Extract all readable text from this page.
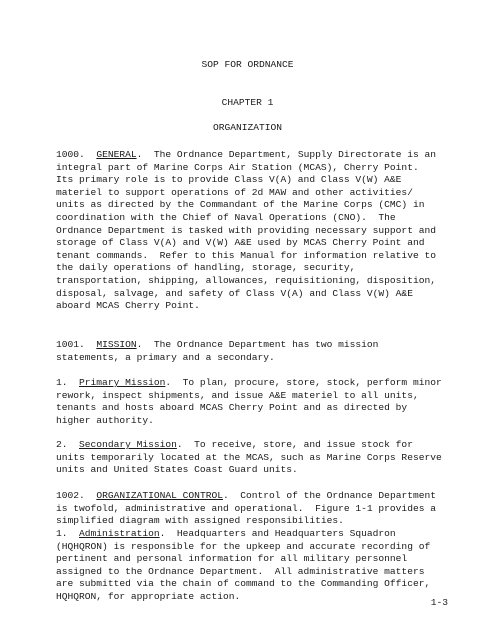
SOP FOR ORDNANCE
CHAPTER 1
ORGANIZATION
1000.  GENERAL.  The Ordnance Department, Supply Directorate is an
integral part of Marine Corps Air Station (MCAS), Cherry Point.
Its primary role is to provide Class V(A) and Class V(W) A&E
materiel to support operations of 2d MAW and other activities/
units as directed by the Commandant of the Marine Corps (CMC) in
coordination with the Chief of Naval Operations (CNO).  The
Ordnance Department is tasked with providing necessary support and
storage of Class V(A) and V(W) A&E used by MCAS Cherry Point and
tenant commands.  Refer to this Manual for information relative to
the daily operations of handling, storage, security,
transportation, shipping, allowances, requisitioning, disposition,
disposal, salvage, and safety of Class V(A) and Class V(W) A&E
aboard MCAS Cherry Point.
1001.  MISSION.  The Ordnance Department has two mission
statements, a primary and a secondary.
1.  Primary Mission.  To plan, procure, store, stock, perform minor
rework, inspect shipments, and issue A&E materiel to all units,
tenants and hosts aboard MCAS Cherry Point and as directed by
higher authority.
2.  Secondary Mission.  To receive, store, and issue stock for
units temporarily located at the MCAS, such as Marine Corps Reserve
units and United States Coast Guard units.
1002.  ORGANIZATIONAL CONTROL.  Control of the Ordnance Department
is twofold, administrative and operational.  Figure 1-1 provides a
simplified diagram with assigned responsibilities.
1.  Administration.  Headquarters and Headquarters Squadron
(HQHQRON) is responsible for the upkeep and accurate recording of
pertinent and personal information for all military personnel
assigned to the Ordnance Department.  All administrative matters
are submitted via the chain of command to the Commanding Officer,
HQHQRON, for appropriate action.
1-3
